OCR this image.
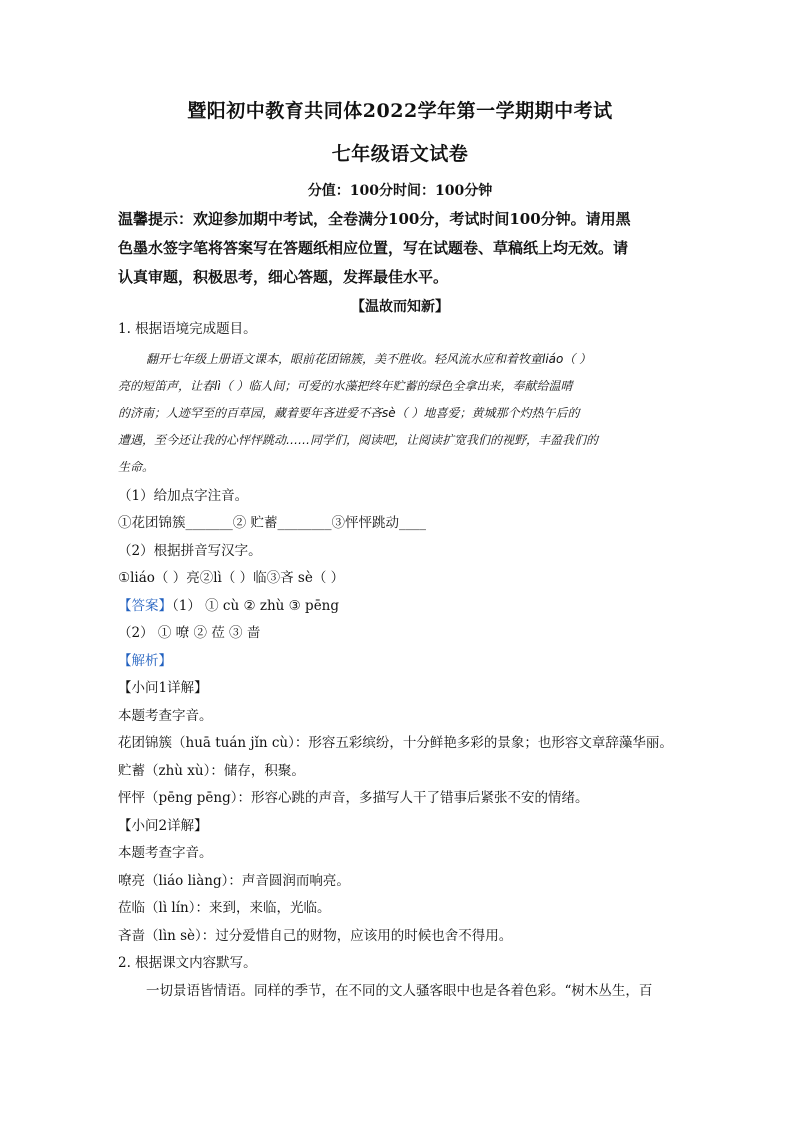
暨阳初中教育共同体2022学年第一学期期中考试
七年级语文试卷
分值：100分时间：100分钟
温馨提示：欢迎参加期中考试，全卷满分100分，考试时间100分钟。请用黑
色墨水签字笔将答案写在答题纸相应位置，写在试题卷、草稿纸上均无效。请
认真审题，积极思考，细心答题，发挥最佳水平。
【温故而知新】
1. 根据语境完成题目。
翻开七年级上册语文课本，眼前花团锦簇，美不胜收。轻风流水应和着牧童liáo（ ）
亮的短笛声，让春lì（ ）临人间；可爱的水藻把终年贮蓄的绿色全拿出来，奉献给温晴
的济南；人迹罕至的百草园，藏着要年吝进爱不吝sè（ ）地喜爱；黄城那个灼热午后的
遭遇，至今还让我的心怦怦跳动……同学们，阅读吧，让阅读扩宽我们的视野，丰盈我们的
生命。
（1）给加点字注音。
①花团锦簇_______② 贮蓄________③怦怦跳动____
（2）根据拼音写汉字。
①liáo（ ）亮②lì（ ）临③吝 sè（ ）
【答案】（1） ① cù ② zhù ③ pēng
（2） ① 嘹 ② 莅 ③ 啬
【解析】
【小问1详解】
本题考查字音。
花团锦簇（huā tuán jǐn cù）：形容五彩缤纷，十分鲜艳多彩的景象；也形容文章辞藻华丽。
贮蓄（zhù xù）：储存，积聚。
怦怦（pēng pēng）：形容心跳的声音，多描写人干了错事后紧张不安的情绪。
【小问2详解】
本题考查字音。
嘹亮（liáo liàng）：声音圆润而响亮。
莅临（lì lín）：来到，来临，光临。
吝啬（lìn sè）：过分爱惜自己的财物，应该用的时候也舍不得用。
2. 根据课文内容默写。
一切景语皆情语。同样的季节，在不同的文人骚客眼中也是各着色彩。“树木丛生，百
